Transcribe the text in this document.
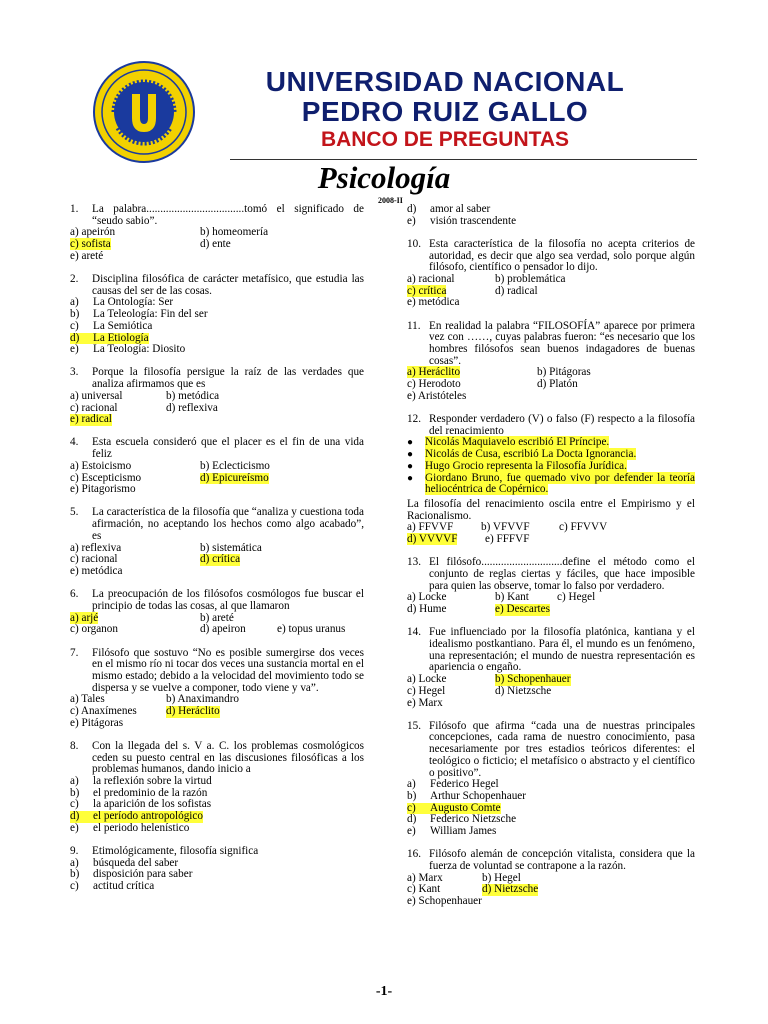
UNIVERSIDAD NACIONAL
PEDRO RUIZ GALLO
BANCO DE PREGUNTAS
Psicología
2008-II
1.	La palabra...................................tomó el significado de “seudo sabio”.
a) apeirón	b) homeomería
c) sofista	d) ente
e) areté
2.	Disciplina filosófica de carácter metafísico, que estudia las causas del ser de las cosas.
a)	La Ontología: Ser
b)	La Teleología: Fin del ser
c)	La Semiótica
d)	La Etiología
e)	La Teología: Diosito
3.	Porque la filosofía persigue la raíz de las verdades que analiza afirmamos que es
a) universal	b) metódica
c) racional	d) reflexiva
e) radical
4.	Esta escuela consideró que el placer es el fin de una vida feliz
a) Estoicismo	b) Eclecticismo
c) Escepticismo	d) Epicureísmo
e) Pitagorismo
5.	La característica de la filosofía que “analiza y cuestiona toda afirmación, no aceptando los hechos como algo acabado”, es
a) reflexiva	b) sistemática
c) racional	d) crítica
e) metódica
6.	La preocupación de los filósofos cosmólogos fue buscar el principio de todas las cosas, al que llamaron
a) arjé	b) areté
c) organon	d) apeiron	e) topus uranus
7.	Filósofo que sostuvo “No es posible sumergirse dos veces en el mismo río ni tocar dos veces una sustancia mortal en el mismo estado; debido a la velocidad del movimiento todo se dispersa y se vuelve a componer, todo viene y va”.
a) Tales	b) Anaximandro
c) Anaxímenes	d) Heráclito
e) Pitágoras
8.	Con la llegada del s. V a. C. los problemas cosmológicos ceden su puesto central en las discusiones filosóficas a los problemas humanos, dando inicio a
a)	la reflexión sobre la virtud
b)	el predominio de la razón
c)	la aparición de los sofistas
d)	el período antropológico
e)	el periodo helenístico
9.	Etimológicamente, filosofía significa
a)	búsqueda del saber
b)	disposición para saber
c)	actitud crítica
d)	amor al saber
e)	visión trascendente
10. Esta característica de la filosofía no acepta criterios de autoridad, es decir que algo sea verdad, solo porque algún filósofo, científico o pensador lo dijo.
a) racional	b) problemática
c) crítica	d) radical
e) metódica
11. En realidad la palabra “FILOSOFÍA” aparece por primera vez con ……, cuyas palabras fueron: “es necesario que los hombres filósofos sean buenos indagadores de buenas cosas”.
a) Heráclito	b) Pitágoras
c) Herodoto	d) Platón
e) Aristóteles
12. Responder verdadero (V) o falso (F) respecto a la filosofía del renacimiento
●	Nicolás Maquiavelo escribió El Príncipe.
●	Nicolás de Cusa, escribió La Docta Ignorancia.
●	Hugo Grocio representa la Filosofía Jurídica.
●	Giordano Bruno, fue quemado vivo por defender la teoría heliocéntrica de Copérnico.
La filosofía del renacimiento oscila entre el Empirismo y el Racionalismo.
a) FFVVF	b) VFVVF	c) FFVVV
d) VVVVF	e) FFFVF
13. El filósofo.............................define el método como el conjunto de reglas ciertas y fáciles, que hace imposible para quien las observe, tomar lo falso por verdadero.
a) Locke	b) Kant	c) Hegel
d) Hume	e) Descartes
14. Fue influenciado por la filosofía platónica, kantiana y el idealismo postkantiano. Para él, el mundo es un fenómeno, una representación; el mundo de nuestra representación es apariencia o engaño.
a) Locke	b) Schopenhauer
c) Hegel	d) Nietzsche
e) Marx
15. Filósofo que afirma “cada una de nuestras principales concepciones, cada rama de nuestro conocimiento, pasa necesariamente por tres estadios teóricos diferentes: el teológico o ficticio; el metafísico o abstracto y el científico o positivo”.
a)	Federico Hegel
b)	Arthur Schopenhauer
c)	Augusto Comte
d)	Federico Nietzsche
e)	William James
16. Filósofo alemán de concepción vitalista, considera que la fuerza de voluntad se contrapone a la razón.
a) Marx	b) Hegel
c) Kant	d) Nietzsche
e) Schopenhauer
-1-
